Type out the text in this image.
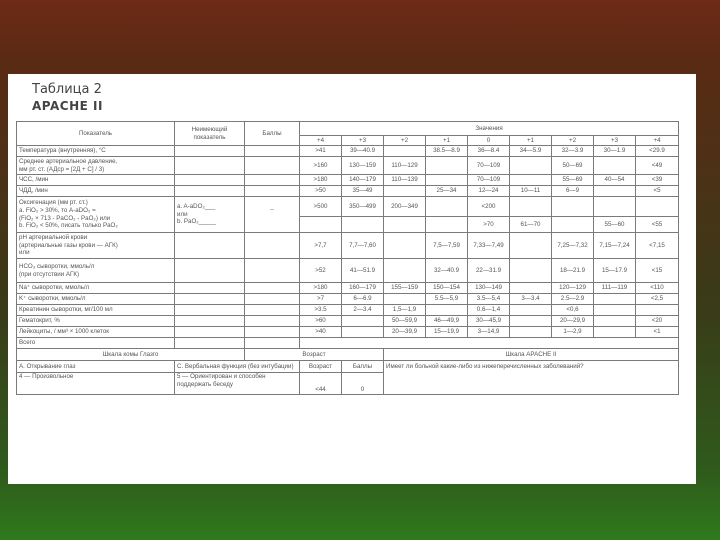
Таблица 2
APACHE II
Показатель	Неимеющий
показатель	Баллы	Значения								
			+4	+3	+2	+1	0	+1	+2	+3	+4
Температура (внутренняя), °С			>41	39—40.9		38.5—8.9	36—8.4	34—5.9	32—3.9	30—1.9	<29.9
Среднее артериальное давление,
мм рт. ст. (АДср = [2Д + С] / 3)			>160	130—159	110—129		70—109		50—69		<49
ЧСС, /мин			>180	140—179	110—139		70—109		55—69	40—54	<39
ЧДД, /мин			>50	35—49		25—34	12—24	10—11	6—9		<5
Оксигенация (мм рт. ст.)
a. FiO₂ > 30%, то A-aDO₂ =
(FiO₂ × 713 - PaCO₂ - PaO₂) или
b. FiO₂ < 50%, писать только PaO₂	a. A-aDO₂___
или
b. PaO₂_____	_	>500	350—499	200—349		<200				
							>70	61—70		55—60	<55
pH артериальной крови
(артериальные газы крови — АГК)
или			>7,7	7,7—7,60		7,5—7,59	7,33—7,49		7,25—7,32	7,15—7,24	<7,15
HCO₃ сыворотки, ммоль/л
(при отсутствии АГК)			>52	41—51.9		32—40.9	22—31.9		18—21.9	15—17.9	<15
Na⁺ сыворотки, ммоль/л			>180	160—179	155—159	150—154	130—149		120—129	111—119	<110
K⁺ сыворотки, ммоль/л			>7	6—6.9		5.5—5,9	3.5—5,4	3—3.4	2.5—2.9		<2,5
Креатинин сыворотки, мг/100 мл			>3.5	2—3.4	1,5—1,9		0.6—1,4		<0,6		
Гематокрит, %			>60		50—59,9	46—49,9	30—45,9		20—29,9		<20
Лейкоциты, / мм³ × 1000 клеток			>40		20—39,9	15—19,9	3—14,9		1—2,9		<1
Всего											
Шкала комы Глазго		Возраст			Шкала APACHE II						
А. Открывание глаз	С. Вербальная функция (без интубации)		Возраст	Баллы	Имеет ли больной какие-либо из нижеперечисленных заболеваний?						
4 — Произвольное	5 — Ориентирован и способен поддержать беседу		<44	0							
